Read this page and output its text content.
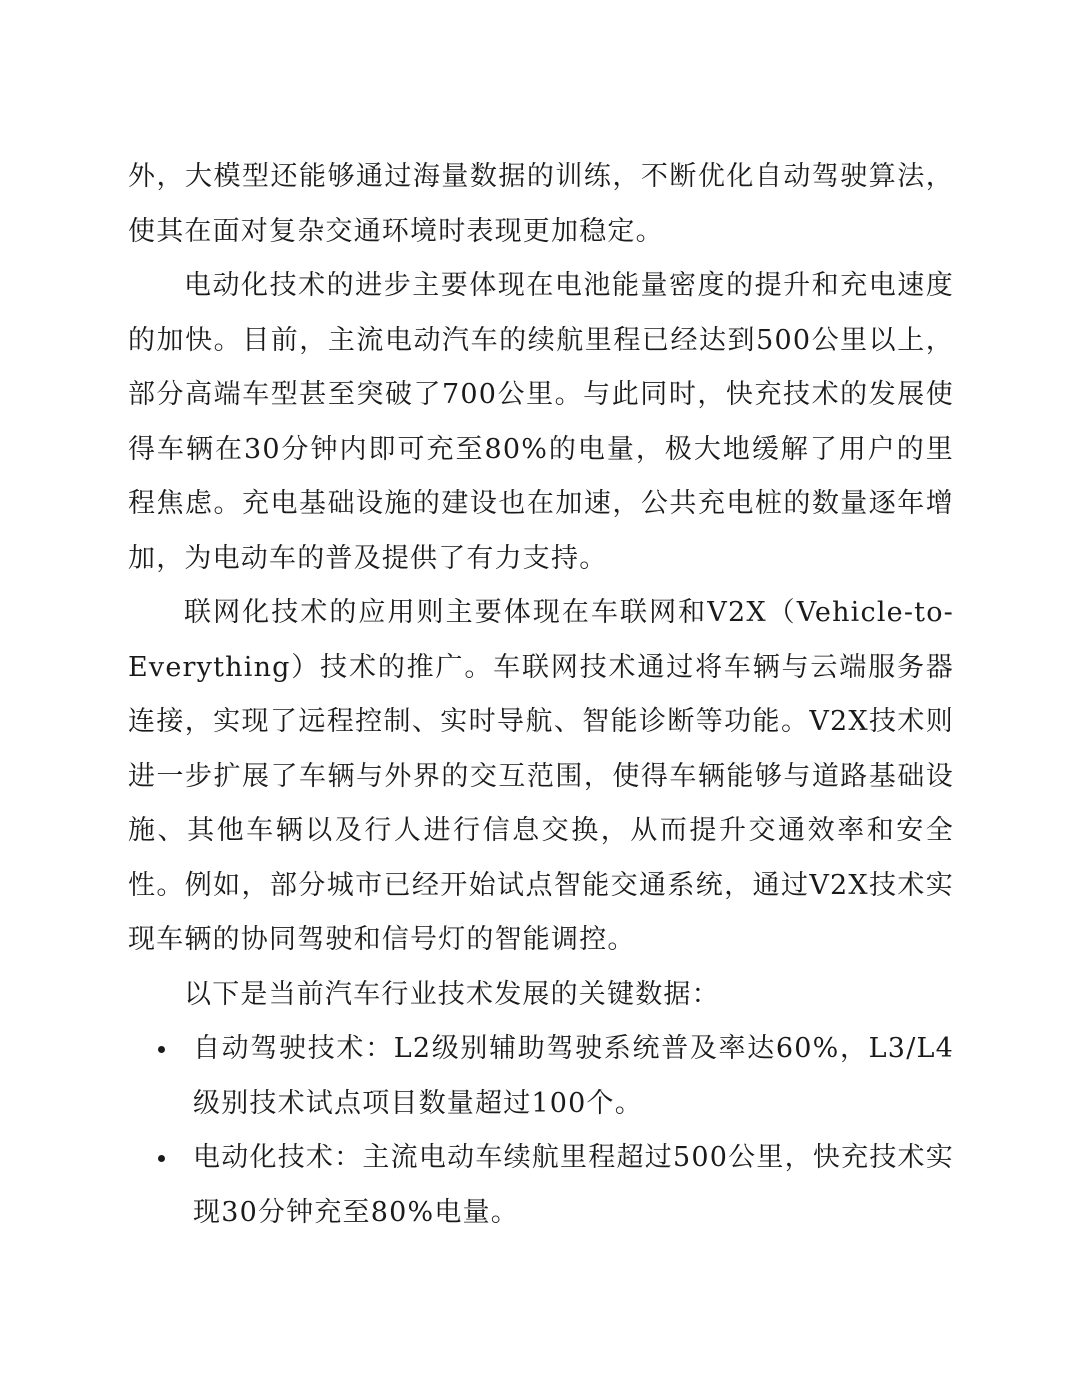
外，大模型还能够通过海量数据的训练，不断优化自动驾驶算法，使其在面对复杂交通环境时表现更加稳定。

电动化技术的进步主要体现在电池能量密度的提升和充电速度的加快。目前，主流电动汽车的续航里程已经达到500公里以上，部分高端车型甚至突破了700公里。与此同时，快充技术的发展使得车辆在30分钟内即可充至80%的电量，极大地缓解了用户的里程焦虑。充电基础设施的建设也在加速，公共充电桩的数量逐年增加，为电动车的普及提供了有力支持。

联网化技术的应用则主要体现在车联网和V2X（Vehicle-to-Everything）技术的推广。车联网技术通过将车辆与云端服务器连接，实现了远程控制、实时导航、智能诊断等功能。V2X技术则进一步扩展了车辆与外界的交互范围，使得车辆能够与道路基础设施、其他车辆以及行人进行信息交换，从而提升交通效率和安全性。例如，部分城市已经开始试点智能交通系统，通过V2X技术实现车辆的协同驾驶和信号灯的智能调控。

以下是当前汽车行业技术发展的关键数据：

自动驾驶技术：L2级别辅助驾驶系统普及率达60%，L3/L4级别技术试点项目数量超过100个。
电动化技术：主流电动车续航里程超过500公里，快充技术实现30分钟充至80%电量。
